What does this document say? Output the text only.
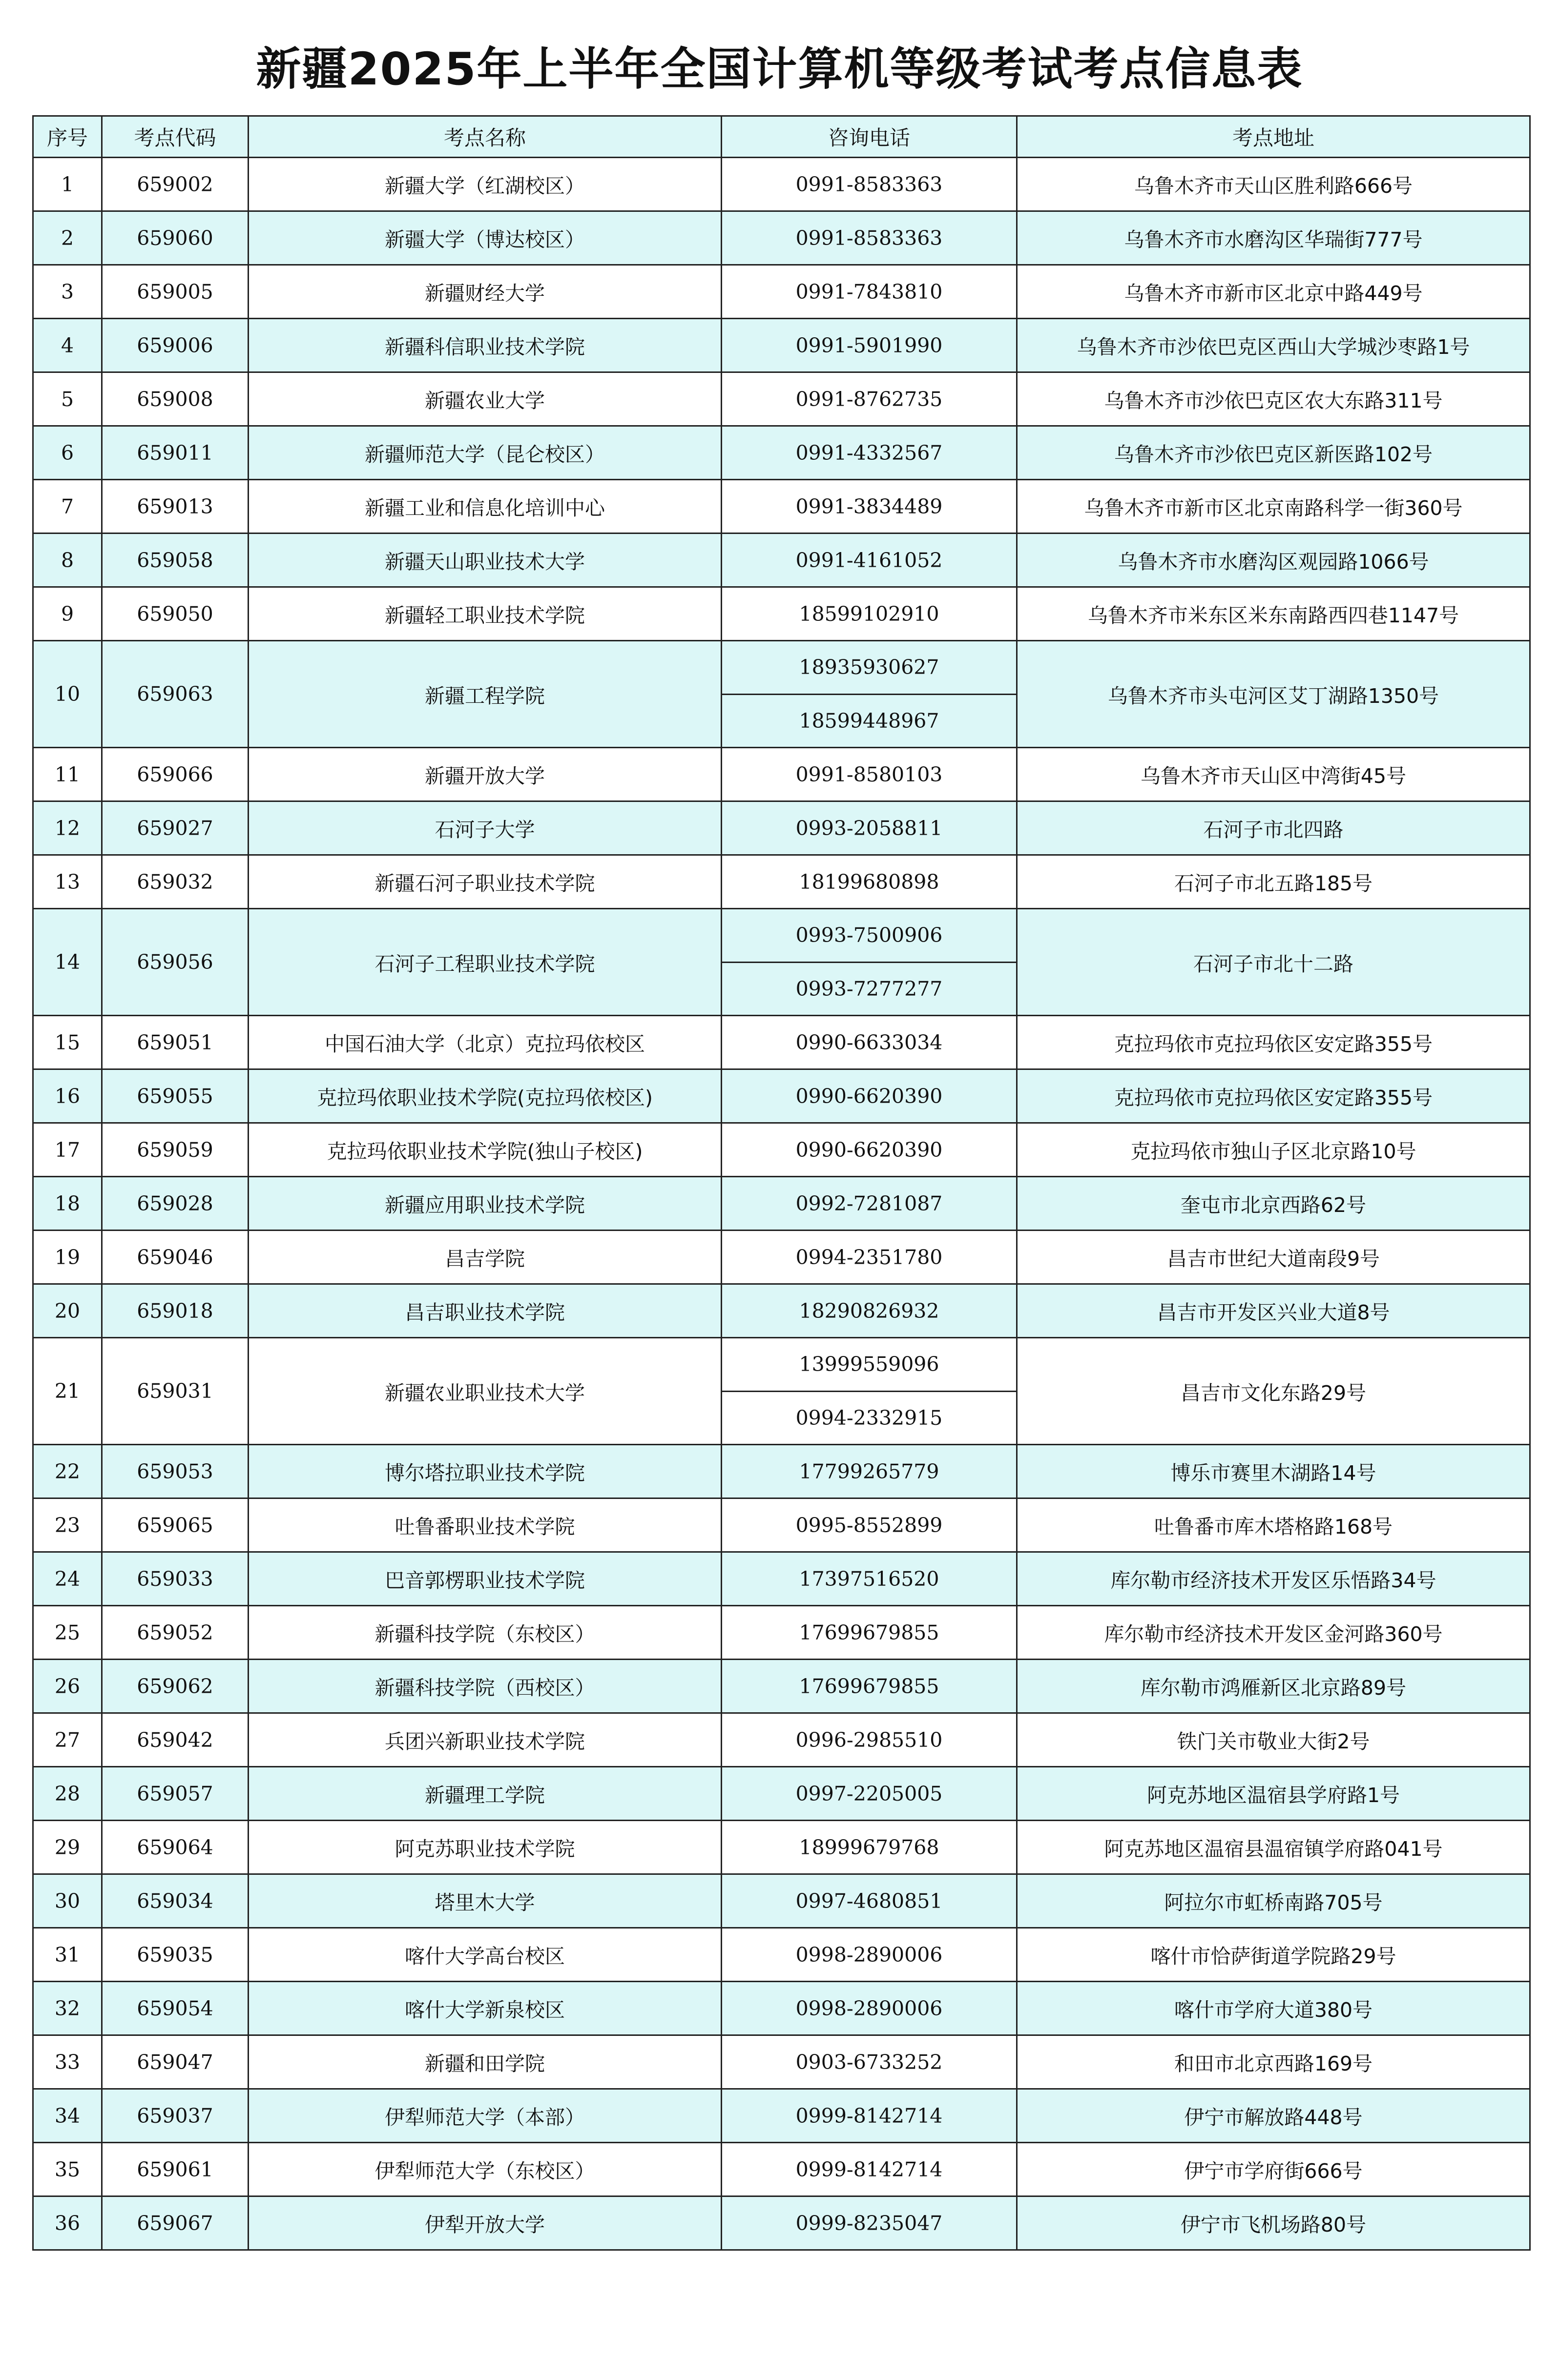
新疆2025年上半年全国计算机等级考试考点信息表
序号	考点代码	考点名称	咨询电话	考点地址
1	659002	新疆大学（红湖校区）	0991-8583363	乌鲁木齐市天山区胜利路666号
2	659060	新疆大学（博达校区）	0991-8583363	乌鲁木齐市水磨沟区华瑞街777号
3	659005	新疆财经大学	0991-7843810	乌鲁木齐市新市区北京中路449号
4	659006	新疆科信职业技术学院	0991-5901990	乌鲁木齐市沙依巴克区西山大学城沙枣路1号
5	659008	新疆农业大学	0991-8762735	乌鲁木齐市沙依巴克区农大东路311号
6	659011	新疆师范大学（昆仑校区）	0991-4332567	乌鲁木齐市沙依巴克区新医路102号
7	659013	新疆工业和信息化培训中心	0991-3834489	乌鲁木齐市新市区北京南路科学一街360号
8	659058	新疆天山职业技术大学	0991-4161052	乌鲁木齐市水磨沟区观园路1066号
9	659050	新疆轻工职业技术学院	18599102910	乌鲁木齐市米东区米东南路西四巷1147号
10	659063	新疆工程学院	18935930627	乌鲁木齐市头屯河区艾丁湖路1350号
			18599448967	
11	659066	新疆开放大学	0991-8580103	乌鲁木齐市天山区中湾街45号
12	659027	石河子大学	0993-2058811	石河子市北四路
13	659032	新疆石河子职业技术学院	18199680898	石河子市北五路185号
14	659056	石河子工程职业技术学院	0993-7500906	石河子市北十二路
			0993-7277277	
15	659051	中国石油大学（北京）克拉玛依校区	0990-6633034	克拉玛依市克拉玛依区安定路355号
16	659055	克拉玛依职业技术学院(克拉玛依校区)	0990-6620390	克拉玛依市克拉玛依区安定路355号
17	659059	克拉玛依职业技术学院(独山子校区)	0990-6620390	克拉玛依市独山子区北京路10号
18	659028	新疆应用职业技术学院	0992-7281087	奎屯市北京西路62号
19	659046	昌吉学院	0994-2351780	昌吉市世纪大道南段9号
20	659018	昌吉职业技术学院	18290826932	昌吉市开发区兴业大道8号
21	659031	新疆农业职业技术大学	13999559096	昌吉市文化东路29号
			0994-2332915	
22	659053	博尔塔拉职业技术学院	17799265779	博乐市赛里木湖路14号
23	659065	吐鲁番职业技术学院	0995-8552899	吐鲁番市库木塔格路168号
24	659033	巴音郭楞职业技术学院	17397516520	库尔勒市经济技术开发区乐悟路34号
25	659052	新疆科技学院（东校区）	17699679855	库尔勒市经济技术开发区金河路360号
26	659062	新疆科技学院（西校区）	17699679855	库尔勒市鸿雁新区北京路89号
27	659042	兵团兴新职业技术学院	0996-2985510	铁门关市敬业大街2号
28	659057	新疆理工学院	0997-2205005	阿克苏地区温宿县学府路1号
29	659064	阿克苏职业技术学院	18999679768	阿克苏地区温宿县温宿镇学府路041号
30	659034	塔里木大学	0997-4680851	阿拉尔市虹桥南路705号
31	659035	喀什大学高台校区	0998-2890006	喀什市恰萨街道学院路29号
32	659054	喀什大学新泉校区	0998-2890006	喀什市学府大道380号
33	659047	新疆和田学院	0903-6733252	和田市北京西路169号
34	659037	伊犁师范大学（本部）	0999-8142714	伊宁市解放路448号
35	659061	伊犁师范大学（东校区）	0999-8142714	伊宁市学府街666号
36	659067	伊犁开放大学	0999-8235047	伊宁市飞机场路80号
